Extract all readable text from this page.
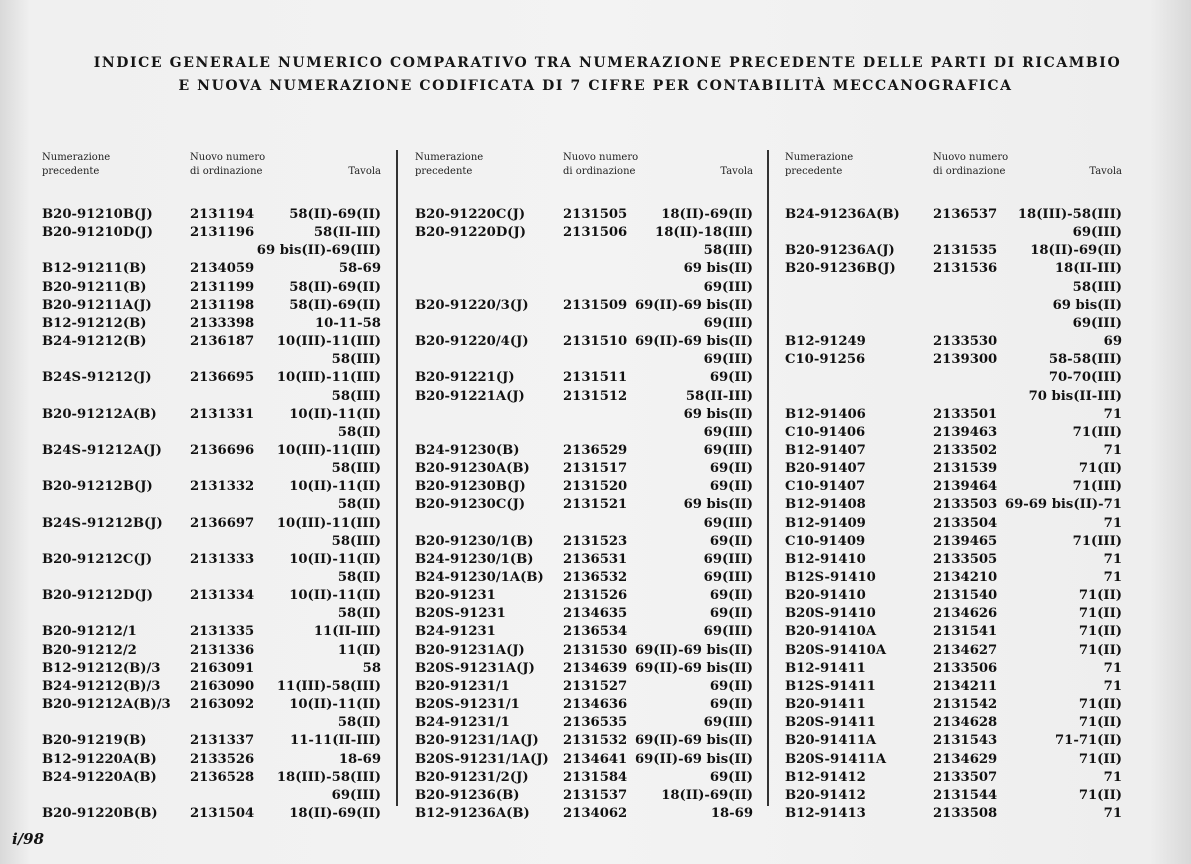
INDICE GENERALE NUMERICO COMPARATIVO TRA NUMERAZIONE PRECEDENTE DELLE PARTI DI RICAMBIO
E NUOVA NUMERAZIONE CODIFICATA DI 7 CIFRE PER CONTABILITÀ MECCANOGRAFICA
Numerazione
precedente
Nuovo numero
di ordinazione	Tavola
Numerazione
precedente
Nuovo numero
di ordinazione	Tavola
Numerazione
precedente
Nuovo numero
di ordinazione	Tavola
B20-91210B(J)	2131194	58(II)-69(II)
B20-91210D(J)	2131196	58(II-III)
69 bis(II)-69(III)
B12-91211(B)	2134059	58-69
B20-91211(B)	2131199	58(II)-69(II)
B20-91211A(J)	2131198	58(II)-69(II)
B12-91212(B)	2133398	10-11-58
B24-91212(B)	2136187	10(III)-11(III)
58(III)
B24S-91212(J)	2136695	10(III)-11(III)
58(III)
B20-91212A(B)	2131331	10(II)-11(II)
58(II)
B24S-91212A(J) 2136696	10(III)-11(III)
58(III)
B20-91212B(J)	2131332	10(II)-11(II)
58(II)
B24S-91212B(J) 2136697	10(III)-11(III)
58(III)
B20-91212C(J)	2131333	10(II)-11(II)
58(II)
B20-91212D(J)	2131334	10(II)-11(II)
58(II)
B20-91212/1	2131335	11(II-III)
B20-91212/2	2131336	11(II)
B12-91212(B)/3 2163091	58
B24-91212(B)/3 2163090	11(III)-58(III)
B20-91212A(B)/3 2163092	10(II)-11(II)
58(II)
B20-91219(B)	2131337	11-11(II-III)
B12-91220A(B)	2133526	18-69
B24-91220A(B)	2136528	18(III)-58(III)
69(III)
B20-91220B(B) 2131504	18(II)-69(II)
B20-91220C(J)	2131505	18(II)-69(II)
B20-91220D(J)	2131506	18(II)-18(III)
58(III)
69 bis(II)
69(III)
B20-91220/3(J)	2131509 69(II)-69 bis(II)
69(III)
B20-91220/4(J)	2131510 69(II)-69 bis(II)
69(III)
B20-91221(J)	2131511	69(II)
B20-91221A(J)	2131512	58(II-III)
69 bis(II)
69(III)
B24-91230(B)	2136529	69(III)
B20-91230A(B)	2131517	69(II)
B20-91230B(J)	2131520	69(II)
B20-91230C(J)	2131521	69 bis(II)
69(III)
B20-91230/1(B) 2131523	69(II)
B24-91230/1(B) 2136531	69(III)
B24-91230/1A(B) 2136532	69(III)
B20-91231	2131526	69(II)
B20S-91231	2134635	69(II)
B24-91231	2136534	69(III)
B20-91231A(J)	2131530 69(II)-69 bis(II)
B20S-91231A(J) 2134639 69(II)-69 bis(II)
B20-91231/1	2131527	69(II)
B20S-91231/1	2134636	69(II)
B24-91231/1	2136535	69(III)
B20-91231/1A(J) 2131532 69(II)-69 bis(II)
B20S-91231/1A(J) 2134641 69(II)-69 bis(II)
B20-91231/2(J)	2131584	69(II)
B20-91236(B)	2131537	18(II)-69(II)
B12-91236A(B)	2134062	18-69
B24-91236A(B)	2136537	18(III)-58(III)
69(III)
B20-91236A(J)	2131535	18(II)-69(II)
B20-91236B(J)	2131536	18(II-III)
58(III)
69 bis(II)
69(III)
B12-91249	2133530	69
C10-91256	2139300	58-58(III)
70-70(III)
70 bis(II-III)
B12-91406	2133501	71
C10-91406	2139463	71(III)
B12-91407	2133502	71
B20-91407	2131539	71(II)
C10-91407	2139464	71(III)
B12-91408	2133503 69-69 bis(II)-71
B12-91409	2133504	71
C10-91409	2139465	71(III)
B12-91410	2133505	71
B12S-91410	2134210	71
B20-91410	2131540	71(II)
B20S-91410	2134626	71(II)
B20-91410A	2131541	71(II)
B20S-91410A	2134627	71(II)
B12-91411	2133506	71
B12S-91411	2134211	71
B20-91411	2131542	71(II)
B20S-91411	2134628	71(II)
B20-91411A	2131543	71-71(II)
B20S-91411A	2134629	71(II)
B12-91412	2133507	71
B20-91412	2131544	71(II)
B12-91413	2133508	71
i/98
